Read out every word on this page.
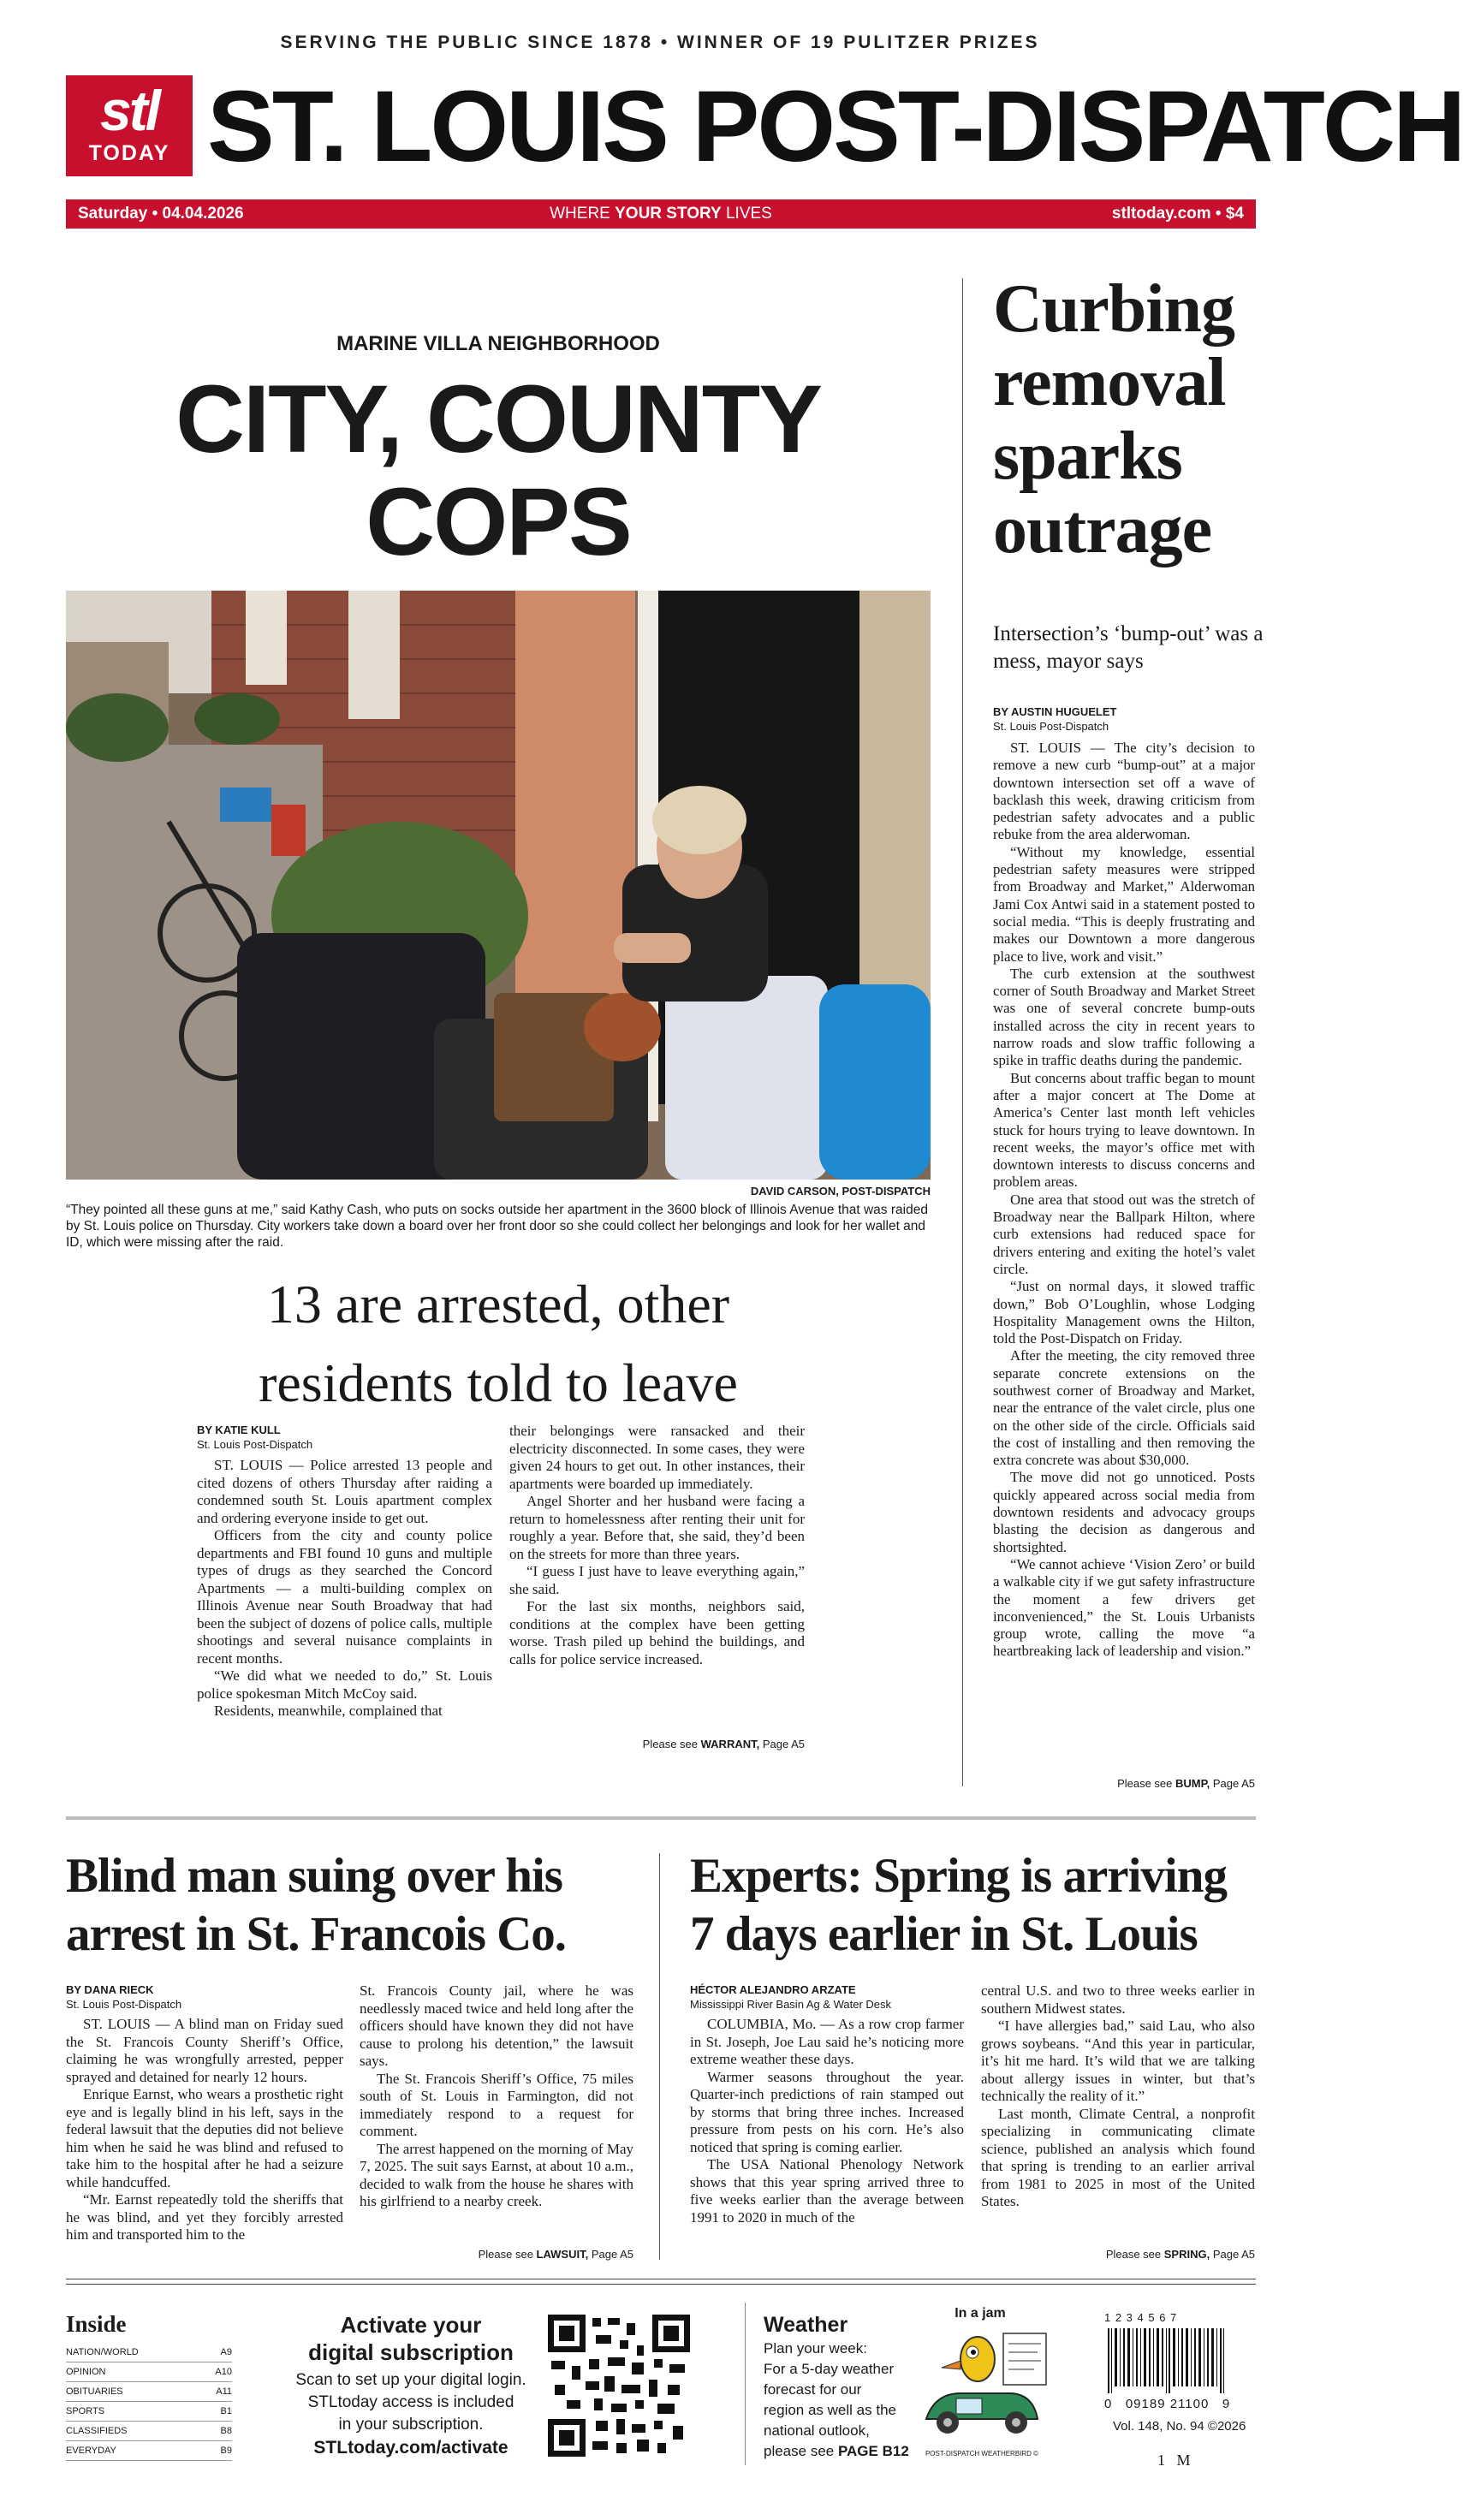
SERVING THE PUBLIC SINCE 1878 • WINNER OF 19 PULITZER PRIZES
stl
TODAY ST. LOUIS POST-DISPATCH
Saturday • 04.04.2026	WHERE YOUR STORY LIVES	stltoday.com • $4
MARINE VILLA NEIGHBORHOOD
CITY, COUNTY COPS
DAVID CARSON, POST-DISPATCH
“They pointed all these guns at me,” said Kathy Cash, who puts on socks outside her apartment in the 3600 block of Illinois Avenue that was raided by St. Louis police on Thursday. City workers take down a board over her front door so she could collect her belongings and look for her wallet and ID, which were missing after the raid.
13 are arrested, other
residents told to leave
BY KATIE KULL
St. Louis Post-Dispatch

ST. LOUIS — Police arrested 13 people and cited dozens of others Thursday after raiding a condemned south St. Louis apartment complex and ordering everyone inside to get out.

Officers from the city and county police departments and FBI found 10 guns and multiple types of drugs as they searched the Concord Apartments — a multi-building complex on Illinois Avenue near South Broadway that had been the subject of dozens of police calls, multiple shootings and several nuisance complaints in recent months.

“We did what we needed to do,” St. Louis police spokesman Mitch McCoy said.

Residents, meanwhile, complained that

their belongings were ransacked and their electricity disconnected. In some cases, they were given 24 hours to get out. In other instances, their apartments were boarded up immediately.

Angel Shorter and her husband were facing a return to homelessness after renting their unit for roughly a year. Before that, she said, they’d been on the streets for more than three years.

“I guess I just have to leave everything again,” she said.

For the last six months, neighbors said, conditions at the complex have been getting worse. Trash piled up behind the buildings, and calls for police service increased.

Please see WARRANT, Page A5
Curbing removal sparks outrage
Intersection’s ‘bump-out’ was a mess, mayor says
BY AUSTIN HUGUELET
St. Louis Post-Dispatch

ST. LOUIS — The city’s decision to remove a new curb “bump-out” at a major downtown intersection set off a wave of backlash this week, drawing criticism from pedestrian safety advocates and a public rebuke from the area alderwoman.

“Without my knowledge, essential pedestrian safety measures were stripped from Broadway and Market,” Alderwoman Jami Cox Antwi said in a statement posted to social media. “This is deeply frustrating and makes our Downtown a more dangerous place to live, work and visit.”

The curb extension at the southwest corner of South Broadway and Market Street was one of several concrete bump-outs installed across the city in recent years to narrow roads and slow traffic following a spike in traffic deaths during the pandemic.

But concerns about traffic began to mount after a major concert at The Dome at America’s Center last month left vehicles stuck for hours trying to leave downtown. In recent weeks, the mayor’s office met with downtown interests to discuss concerns and problem areas.

One area that stood out was the stretch of Broadway near the Ballpark Hilton, where curb extensions had reduced space for drivers entering and exiting the hotel’s valet circle.

“Just on normal days, it slowed traffic down,” Bob O’Loughlin, whose Lodging Hospitality Management owns the Hilton, told the Post-Dispatch on Friday.

After the meeting, the city removed three separate concrete extensions on the southwest corner of Broadway and Market, near the entrance of the valet circle, plus one on the other side of the circle. Officials said the cost of installing and then removing the extra concrete was about $30,000.

The move did not go unnoticed. Posts quickly appeared across social media from downtown residents and advocacy groups blasting the decision as dangerous and shortsighted.

“We cannot achieve ‘Vision Zero’ or build a walkable city if we gut safety infrastructure the moment a few drivers get inconvenienced,” the St. Louis Urbanists group wrote, calling the move “a heartbreaking lack of leadership and vision.”

Please see BUMP, Page A5
Blind man suing over his
arrest in St. Francois Co.
BY DANA RIECK
St. Louis Post-Dispatch

ST. LOUIS — A blind man on Friday sued the St. Francois County Sheriff’s Office, claiming he was wrongfully arrested, pepper sprayed and detained for nearly 12 hours.

Enrique Earnst, who wears a prosthetic right eye and is legally blind in his left, says in the federal lawsuit that the deputies did not believe him when he said he was blind and refused to take him to the hospital after he had a seizure while handcuffed.

“Mr. Earnst repeatedly told the sheriffs that he was blind, and yet they forcibly arrested him and transported him to the

St. Francois County jail, where he was needlessly maced twice and held long after the officers should have known they did not have cause to prolong his detention,” the lawsuit says.

The St. Francois Sheriff’s Office, 75 miles south of St. Louis in Farmington, did not immediately respond to a request for comment.

The arrest happened on the morning of May 7, 2025. The suit says Earnst, at about 10 a.m., decided to walk from the house he shares with his girlfriend to a nearby creek.

Please see LAWSUIT, Page A5
Experts: Spring is arriving
7 days earlier in St. Louis
HÉCTOR ALEJANDRO ARZATE
Mississippi River Basin Ag & Water Desk

COLUMBIA, Mo. — As a row crop farmer in St. Joseph, Joe Lau said he’s noticing more extreme weather these days.

Warmer seasons throughout the year. Quarter-inch predictions of rain stamped out by storms that bring three inches. Increased pressure from pests on his corn. He’s also noticed that spring is coming earlier.

The USA National Phenology Network shows that this year spring arrived three to five weeks earlier than the average between 1991 to 2020 in much of the

central U.S. and two to three weeks earlier in southern Midwest states.

“I have allergies bad,” said Lau, who also grows soybeans. “And this year in particular, it’s hit me hard. It’s wild that we are talking about allergy issues in winter, but that’s technically the reality of it.”

Last month, Climate Central, a nonprofit specializing in communicating climate science, published an analysis which found that spring is trending to an earlier arrival from 1981 to 2025 in most of the United States.

Please see SPRING, Page A5
Inside
NATION/WORLD	A9
OPINION	A10
OBITUARIES	A11
SPORTS	B1
CLASSIFIEDS	B8
EVERYDAY	B9
Activate your
digital subscription
Scan to set up your digital login.
STLtoday access is included
in your subscription.
STLtoday.com/activate
Weather
Plan your week:
For a 5-day weather
forecast for our
region as well as the
national outlook,
please see PAGE B12
In a jam
POST-DISPATCH WEATHERBIRD ©
1 2 3 4 5 6 7
0   09189 21100   9
Vol. 148, No. 94 ©2026
1   M
